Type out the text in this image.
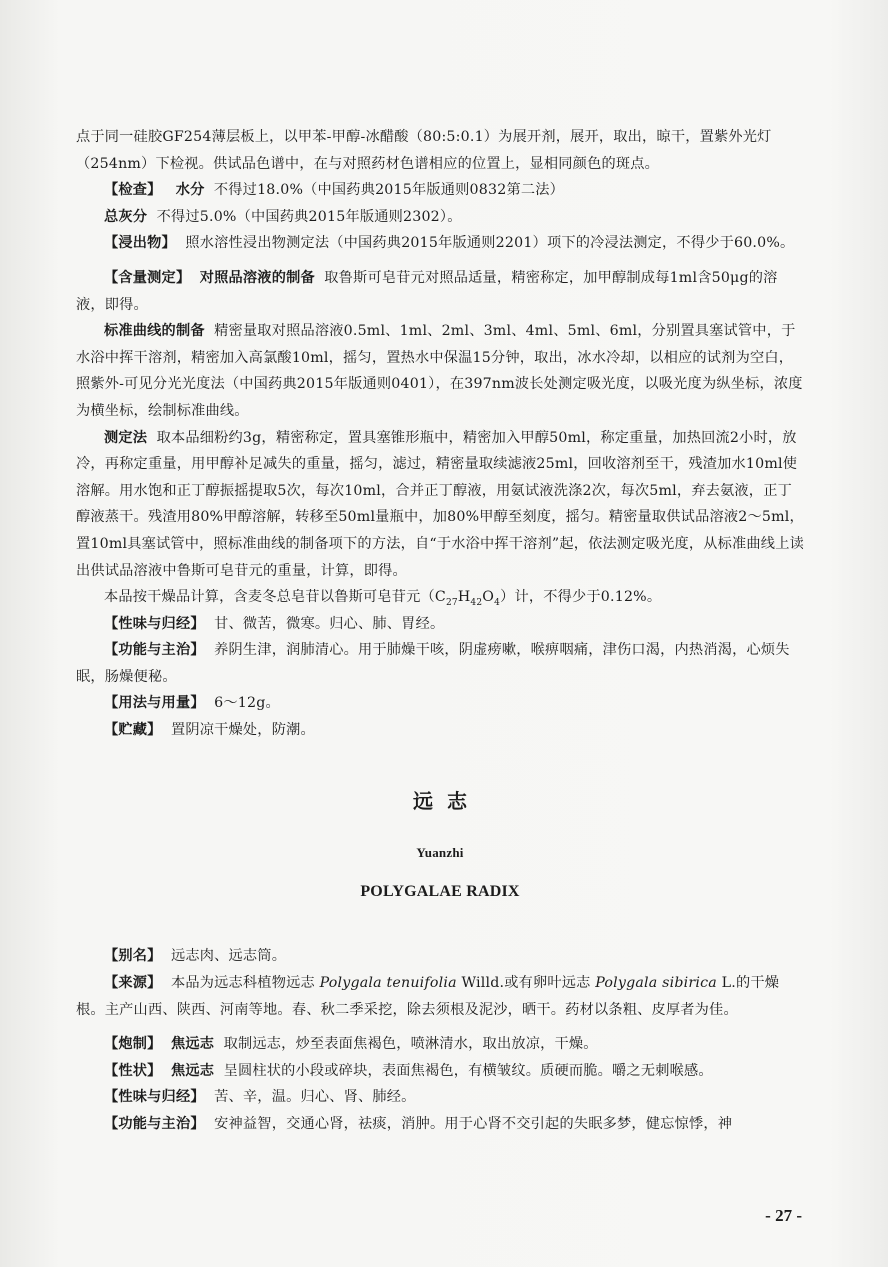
点于同一硅胶GF254薄层板上，以甲苯-甲醇-冰醋酸（80:5:0.1）为展开剂，展开，取出，晾干，置紫外光灯（254nm）下检视。供试品色谱中，在与对照药材色谱相应的位置上，显相同颜色的斑点。

【检查】 水分 不得过18.0%（中国药典2015年版通则0832第二法）

总灰分 不得过5.0%（中国药典2015年版通则2302）。

【浸出物】 照水溶性浸出物测定法（中国药典2015年版通则2201）项下的冷浸法测定，不得少于60.0%。

【含量测定】 对照品溶液的制备 取鲁斯可皂苷元对照品适量，精密称定，加甲醇制成每1ml含50μg的溶液，即得。

标准曲线的制备 精密量取对照品溶液0.5ml、1ml、2ml、3ml、4ml、5ml、6ml，分别置具塞试管中，于水浴中挥干溶剂，精密加入高氯酸10ml，摇匀，置热水中保温15分钟，取出，冰水冷却，以相应的试剂为空白，照紫外-可见分光光度法（中国药典2015年版通则0401），在397nm波长处测定吸光度，以吸光度为纵坐标，浓度为横坐标，绘制标准曲线。

测定法 取本品细粉约3g，精密称定，置具塞锥形瓶中，精密加入甲醇50ml，称定重量，加热回流2小时，放冷，再称定重量，用甲醇补足减失的重量，摇匀，滤过，精密量取续滤液25ml，回收溶剂至干，残渣加水10ml使溶解。用水饱和正丁醇振摇提取5次，每次10ml，合并正丁醇液，用氨试液洗涤2次，每次5ml，弃去氨液，正丁醇液蒸干。残渣用80%甲醇溶解，转移至50ml量瓶中，加80%甲醇至刻度，摇匀。精密量取供试品溶液2～5ml，置10ml具塞试管中，照标准曲线的制备项下的方法，自“于水浴中挥干溶剂”起，依法测定吸光度，从标准曲线上读出供试品溶液中鲁斯可皂苷元的重量，计算，即得。

本品按干燥品计算，含麦冬总皂苷以鲁斯可皂苷元$(C_{27}H_{42}O_4)$计，不得少于0.12%。

【性味与归经】 甘、微苦，微寒。归心、肺、胃经。

【功能与主治】 养阴生津，润肺清心。用于肺燥干咳，阴虚痨嗽，喉痹咽痛，津伤口渴，内热消渴，心烦失眠，肠燥便秘。

【用法与用量】 6～12g。

【贮藏】 置阴凉干燥处，防潮。

远志
Yuanzhi
POLYGALAE RADIX

【别名】 远志肉、远志筒。

【来源】 本品为远志科植物远志 Polygala tenuifolia Willd.或有卵叶远志 Polygala sibirica L.的干燥根。主产山西、陕西、河南等地。春、秋二季采挖，除去须根及泥沙，晒干。药材以条粗、皮厚者为佳。

【炮制】 焦远志 取制远志，炒至表面焦褐色，喷淋清水，取出放凉，干燥。

【性状】 焦远志 呈圆柱状的小段或碎块，表面焦褐色，有横皱纹。质硬而脆。嚼之无刺喉感。

【性味与归经】 苦、辛，温。归心、肾、肺经。

【功能与主治】 安神益智，交通心肾，祛痰，消肿。用于心肾不交引起的失眠多梦，健忘惊悸，神

- 27 -
